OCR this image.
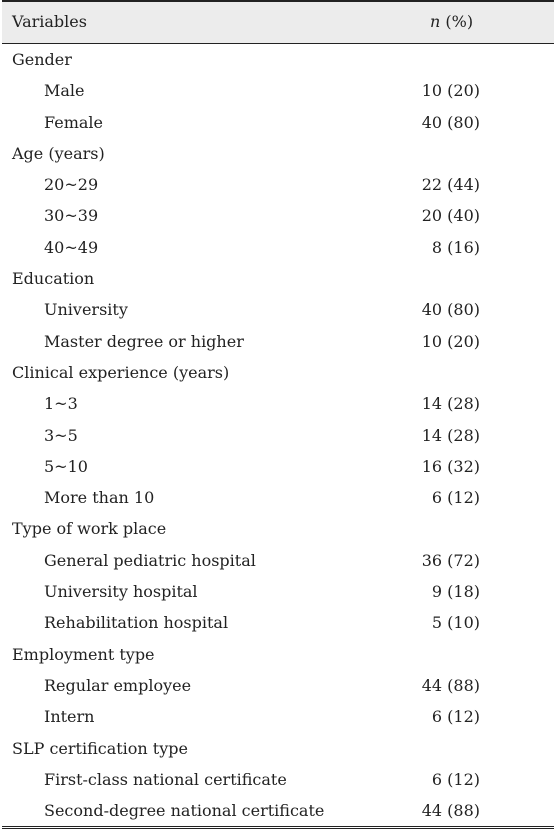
Variables	n (%)
Gender
Male	10 (20)
Female	40 (80)
Age (years)
20~29	22 (44)
30~39	20 (40)
40~49	8 (16)
Education
University	40 (80)
Master degree or higher	10 (20)
Clinical experience (years)
1~3	14 (28)
3~5	14 (28)
5~10	16 (32)
More than 10	6 (12)
Type of work place
General pediatric hospital	36 (72)
University hospital	9 (18)
Rehabilitation hospital	5 (10)
Employment type
Regular employee	44 (88)
Intern	6 (12)
SLP certification type
First-class national certificate	6 (12)
Second-degree national certificate	44 (88)
